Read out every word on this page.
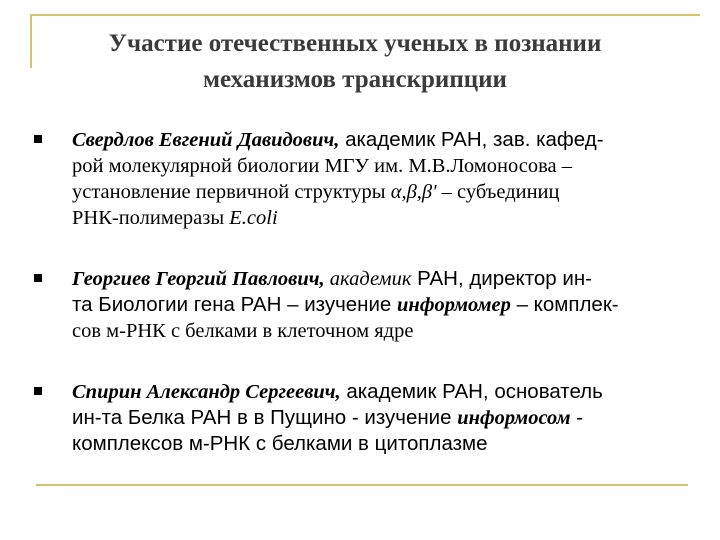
Участие отечественных ученых в познании
механизмов транскрипции
Свердлов Евгений Давидович, академик РАН, зав. кафед-
рой молекулярной биологии МГУ им. М.В.Ломоносова –
установление первичной структуры α,β,β' – субъединиц
РНК-полимеразы E.coli
Георгиев Георгий Павлович, академик РАН, директор ин-
та Биологии гена РАН – изучение информомер – комплек-
сов м-РНК с белками в клеточном ядре
Спирин Александр Сергеевич, академик РАН, основатель
ин-та Белка РАН в в Пущино - изучение информосом -
комплексов м-РНК с белками в цитоплазме
